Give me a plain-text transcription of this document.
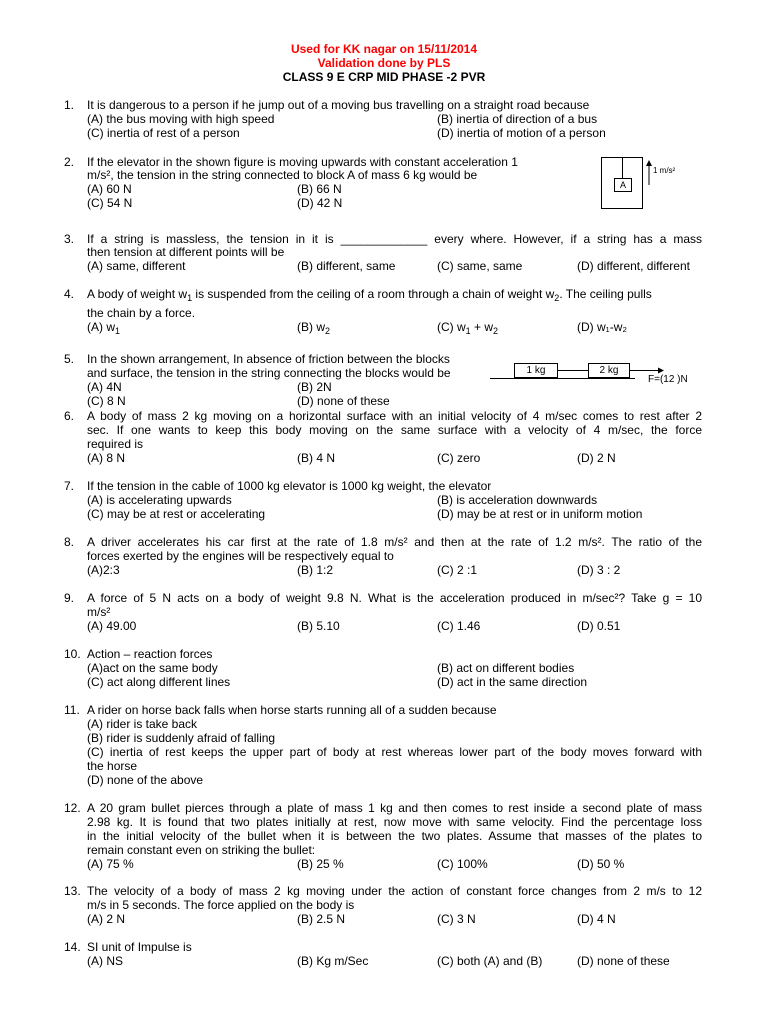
Used for KK nagar on 15/11/2014
Validation done by PLS
CLASS 9 E CRP MID PHASE -2 PVR
1. It is dangerous to a person if he jump out of a moving bus travelling on a straight road because
(A) the bus moving with high speed	(B) inertia of direction of a bus
(C) inertia of rest of a person	(D) inertia of motion of a person
2. If the elevator in the shown figure is moving upwards with constant acceleration 1
m/s², the tension in the string connected to block A of mass 6 kg would be
(A) 60 N	(B) 66 N
(C) 54 N	(D) 42 N
A
1 m/s²
3. If a string is massless, the tension in it is _____________ every where. However, if a string has a mass
then tension at different points will be
(A) same, different	(B) different, same	(C) same, same	(D) different, different
4. A body of weight $w_1$ is suspended from the ceiling of a room through a chain of weight $w_2$. The ceiling pulls
the chain by a force.
(A) $w_1$	(B) $w_2$	(C) $w_1 + w_2$	(D) w₁-w₂
5. In the shown arrangement, In absence of friction between the blocks
and surface, the tension in the string connecting the blocks would be
(A) 4N	(B) 2N
(C) 8 N	(D) none of these
1 kg	2 kg
F=(12 )N
6. A body of mass 2 kg moving on a horizontal surface with an initial velocity of 4 m/sec comes to rest after 2
sec. If one wants to keep this body moving on the same surface with a velocity of 4 m/sec, the force
required is
(A) 8 N	(B) 4 N	(C) zero	(D) 2 N
7. If the tension in the cable of 1000 kg elevator is 1000 kg weight, the elevator
(A) is accelerating upwards	(B) is acceleration downwards
(C) may be at rest or accelerating	(D) may be at rest or in uniform motion
8. A driver accelerates his car first at the rate of 1.8 m/s² and then at the rate of 1.2 m/s². The ratio of the
forces exerted by the engines will be respectively equal to
(A)2:3	(B) 1:2	(C) 2 :1	(D) 3 : 2
9. A force of 5 N acts on a body of weight 9.8 N. What is the acceleration produced in m/sec²? Take g = 10
m/s²
(A) 49.00	(B) 5.10	(C) 1.46	(D) 0.51
10. Action – reaction forces
(A)act on the same body	(B) act on different bodies
(C) act along different lines	(D) act in the same direction
11. A rider on horse back falls when horse starts running all of a sudden because
(A) rider is take back
(B) rider is suddenly afraid of falling
(C) inertia of rest keeps the upper part of body at rest whereas lower part of the body moves forward with
the horse
(D) none of the above
12. A 20 gram bullet pierces through a plate of mass 1 kg and then comes to rest inside a second plate of mass
2.98 kg. It is found that two plates initially at rest, now move with same velocity. Find the percentage loss
in the initial velocity of the bullet when it is between the two plates. Assume that masses of the plates to
remain constant even on striking the bullet:
(A) 75 %	(B) 25 %	(C) 100%	(D) 50 %
13. The velocity of a body of mass 2 kg moving under the action of constant force changes from 2 m/s to 12
m/s in 5 seconds. The force applied on the body is
(A) 2 N	(B) 2.5 N	(C) 3 N	(D) 4 N
14. SI unit of Impulse is
(A) NS	(B) Kg m/Sec	(C) both (A) and (B)	(D) none of these
